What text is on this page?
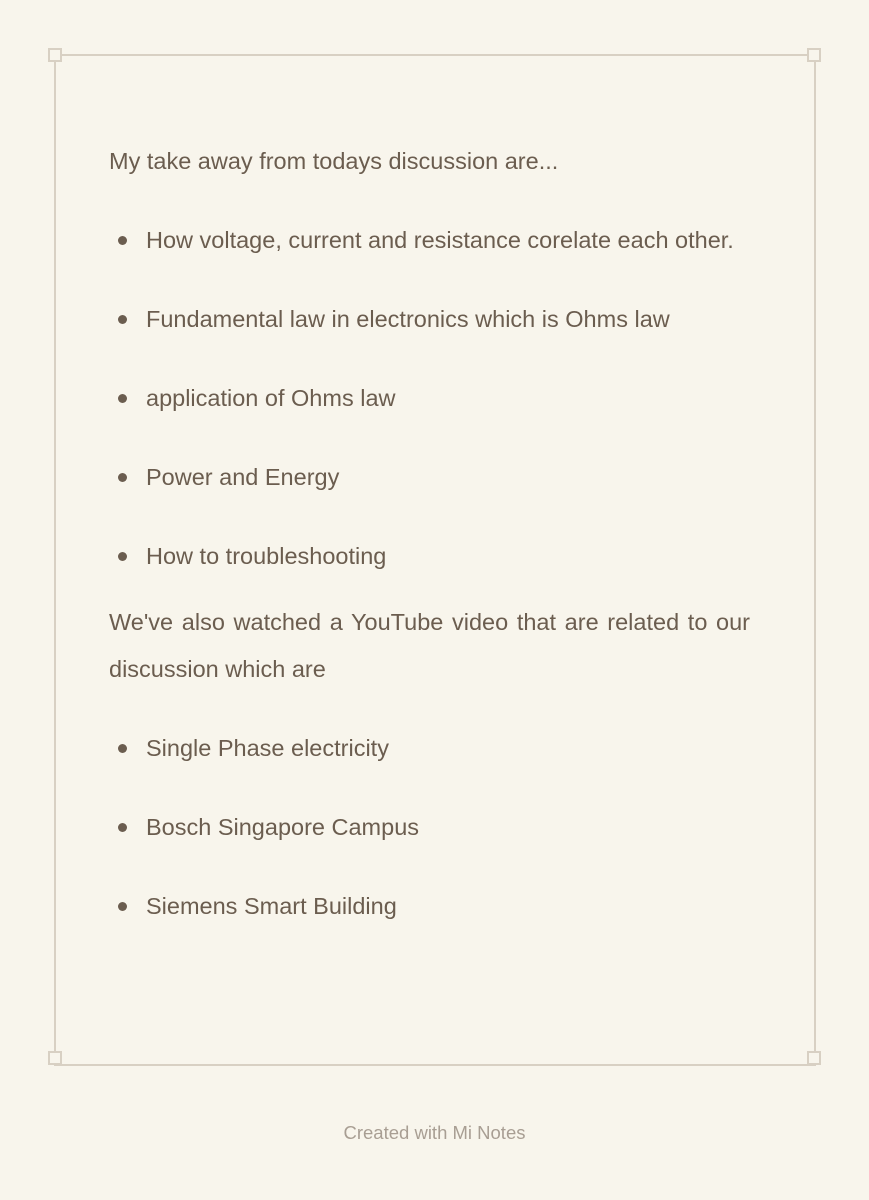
My take away from todays discussion are...

How voltage, current and resistance corelate each other.
Fundamental law in electronics which is Ohms law
application of Ohms law
Power and Energy
How to troubleshooting

We've also watched a YouTube video that are related to our discussion which are

Single Phase electricity
Bosch Singapore Campus
Siemens Smart Building
Created with Mi Notes
